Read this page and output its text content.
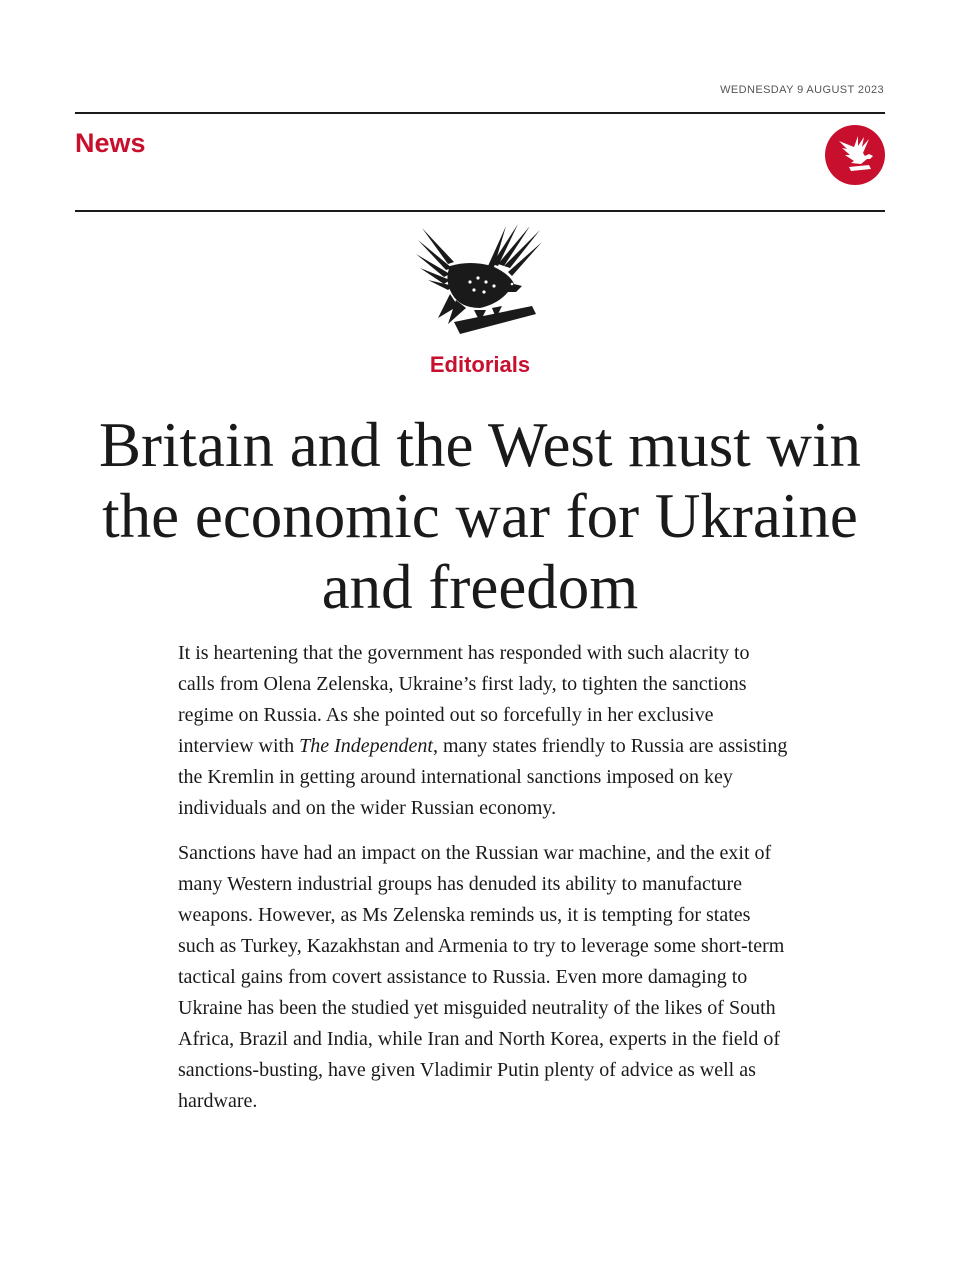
WEDNESDAY 9 AUGUST 2023
News
Editorials
Britain and the West must win the economic war for Ukraine and freedom

It is heartening that the government has responded with such alacrity to calls from Olena Zelenska, Ukraine’s first lady, to tighten the sanctions regime on Russia. As she pointed out so forcefully in her exclusive interview with The Independent, many states friendly to Russia are assisting the Kremlin in getting around international sanctions imposed on key individuals and on the wider Russian economy.

Sanctions have had an impact on the Russian war machine, and the exit of many Western industrial groups has denuded its ability to manufacture weapons. However, as Ms Zelenska reminds us, it is tempting for states such as Turkey, Kazakhstan and Armenia to try to leverage some short-term tactical gains from covert assistance to Russia. Even more damaging to Ukraine has been the studied yet misguided neutrality of the likes of South Africa, Brazil and India, while Iran and North Korea, experts in the field of sanctions-busting, have given Vladimir Putin plenty of advice as well as hardware.
